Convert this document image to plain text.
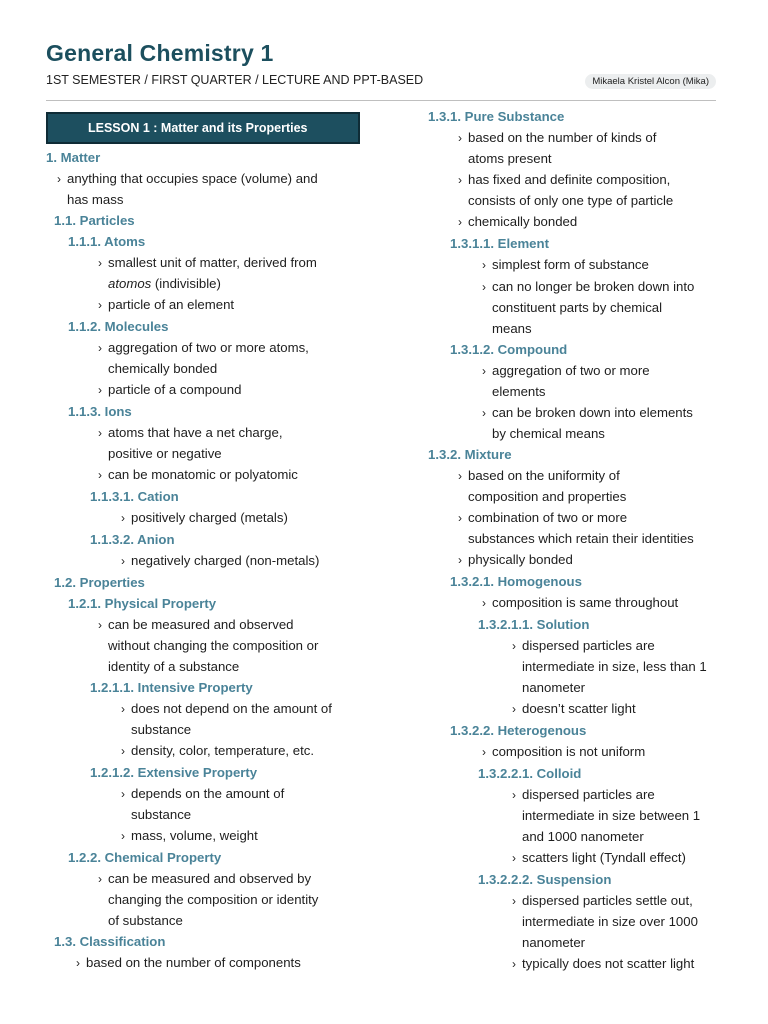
General Chemistry 1
1ST SEMESTER / FIRST QUARTER / LECTURE AND PPT-BASED	Mikaela Kristel Alcon (Mika)
LESSON 1 : Matter and its Properties
1. Matter
› anything that occupies space (volume) and
has mass
1.1. Particles
1.1.1. Atoms
› smallest unit of matter, derived from
atomos (indivisible)
› particle of an element
1.1.2. Molecules
› aggregation of two or more atoms,
chemically bonded
› particle of a compound
1.1.3. Ions
› atoms that have a net charge,
positive or negative
› can be monatomic or polyatomic
1.1.3.1. Cation
› positively charged (metals)
1.1.3.2. Anion
› negatively charged (non-metals)
1.2. Properties
1.2.1. Physical Property
› can be measured and observed
without changing the composition or
identity of a substance
1.2.1.1. Intensive Property
› does not depend on the amount of
substance
› density, color, temperature, etc.
1.2.1.2. Extensive Property
› depends on the amount of
substance
› mass, volume, weight
1.2.2. Chemical Property
› can be measured and observed by
changing the composition or identity
of substance
1.3. Classification
› based on the number of components
1.3.1. Pure Substance
› based on the number of kinds of
atoms present
› has fixed and definite composition,
consists of only one type of particle
› chemically bonded
1.3.1.1. Element
› simplest form of substance
› can no longer be broken down into
constituent parts by chemical
means
1.3.1.2. Compound
› aggregation of two or more
elements
› can be broken down into elements
by chemical means
1.3.2. Mixture
› based on the uniformity of
composition and properties
› combination of two or more
substances which retain their identities
› physically bonded
1.3.2.1. Homogenous
› composition is same throughout
1.3.2.1.1. Solution
› dispersed particles are
intermediate in size, less than 1
nanometer
› doesn’t scatter light
1.3.2.2. Heterogenous
› composition is not uniform
1.3.2.2.1. Colloid
› dispersed particles are
intermediate in size between 1
and 1000 nanometer
› scatters light (Tyndall effect)
1.3.2.2.2. Suspension
› dispersed particles settle out,
intermediate in size over 1000
nanometer
› typically does not scatter light
